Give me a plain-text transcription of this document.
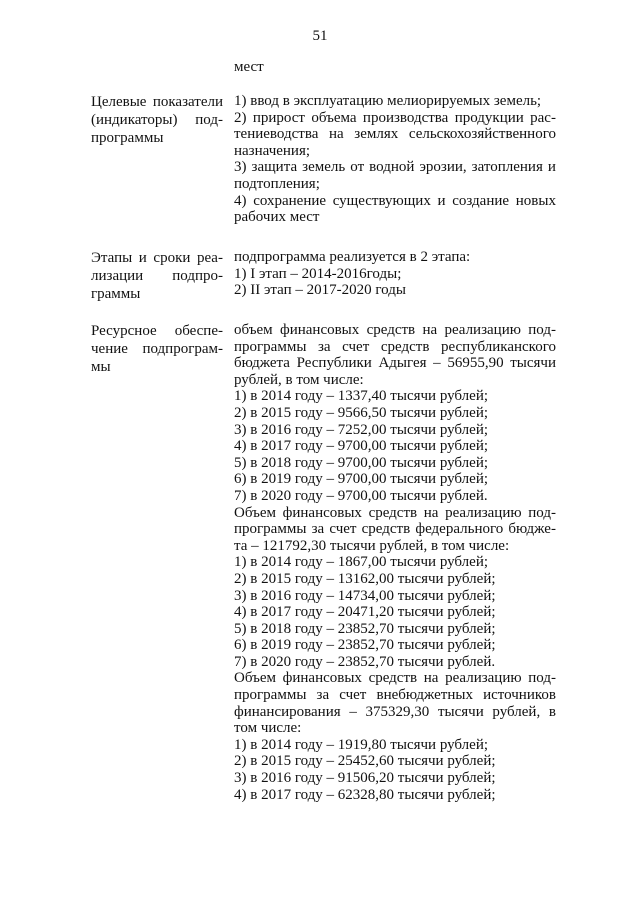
51
мест
Целевые показатели
(индикаторы) под-
программы
1) ввод в эксплуатацию мелиорируемых земель;
2) прирост объема производства продукции рас-
тениеводства на землях сельскохозяйственного
назначения;
3) защита земель от водной эрозии, затопления и
подтопления;
4) сохранение существующих и создание новых
рабочих мест
Этапы и сроки реа-
лизации подпро-
граммы
подпрограмма реализуется в 2 этапа:
1) I этап – 2014-2016годы;
2) II этап – 2017-2020 годы
Ресурсное обеспе-
чение подпрограм-
мы
объем финансовых средств на реализацию под-
программы за счет средств республиканского
бюджета Республики Адыгея – 56955,90 тысячи
рублей, в том числе:
1) в 2014 году – 1337,40 тысячи рублей;
2) в 2015 году – 9566,50 тысячи рублей;
3) в 2016 году – 7252,00 тысячи рублей;
4) в 2017 году – 9700,00 тысячи рублей;
5) в 2018 году – 9700,00 тысячи рублей;
6) в 2019 году – 9700,00 тысячи рублей;
7) в 2020 году – 9700,00 тысячи рублей.
Объем финансовых средств на реализацию под-
программы за счет средств федерального бюдже-
та – 121792,30 тысячи рублей, в том числе:
1) в 2014 году – 1867,00 тысячи рублей;
2) в 2015 году – 13162,00 тысячи рублей;
3) в 2016 году – 14734,00 тысячи рублей;
4) в 2017 году – 20471,20 тысячи рублей;
5) в 2018 году – 23852,70 тысячи рублей;
6) в 2019 году – 23852,70 тысячи рублей;
7) в 2020 году – 23852,70 тысячи рублей.
Объем финансовых средств на реализацию под-
программы за счет внебюджетных источников
финансирования – 375329,30 тысячи рублей, в
том числе:
1) в 2014 году – 1919,80 тысячи рублей;
2) в 2015 году – 25452,60 тысячи рублей;
3) в 2016 году – 91506,20 тысячи рублей;
4) в 2017 году – 62328,80 тысячи рублей;
